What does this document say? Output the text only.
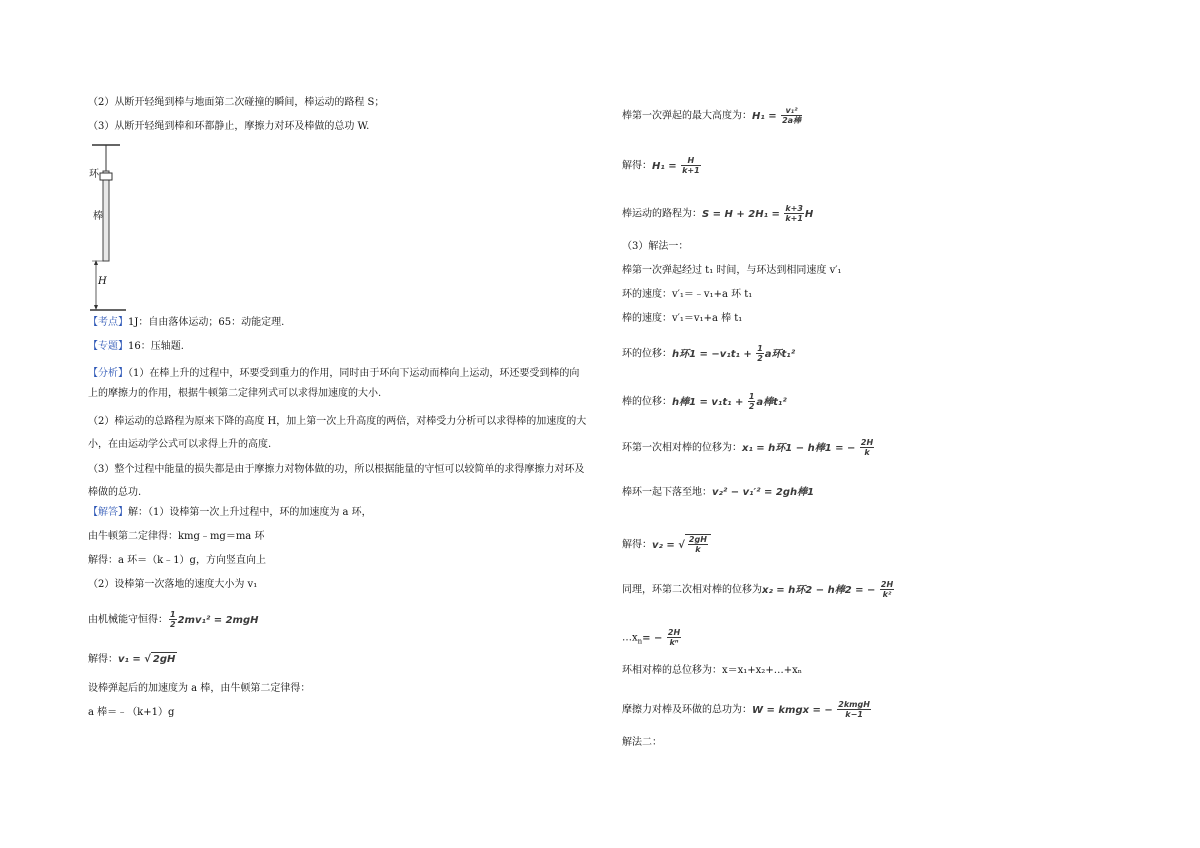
（2）从断开轻绳到棒与地面第二次碰撞的瞬间，棒运动的路程 S；
（3）从断开轻绳到棒和环都静止，摩擦力对环及棒做的总功 W.
【考点】1J：自由落体运动；65：动能定理.
【专题】16：压轴题.
【分析】（1）在棒上升的过程中，环要受到重力的作用，同时由于环向下运动而棒向上运动，环还要受到棒的向上的摩擦力的作用，根据牛顿第二定律列式可以求得加速度的大小.
（2）棒运动的总路程为原来下降的高度 H，加上第一次上升高度的两倍，对棒受力分析可以求得棒的加速度的大小，在由运动学公式可以求得上升的高度.
（3）整个过程中能量的损失都是由于摩擦力对物体做的功，所以根据能量的守恒可以较简单的求得摩擦力对环及棒做的总功.
【解答】解：（1）设棒第一次上升过程中，环的加速度为 a 环，
由牛顿第二定律得：kmg﹣mg＝ma 环
解得：a 环＝（k﹣1）g，方向竖直向上
（2）设棒第一次落地的速度大小为 v₁
由机械能守恒得： $\frac{1}{2} 2mv_1^2 = 2mgH$
解得：v₁ = √ 2gH
设棒弹起后的加速度为 a 棒，由牛顿第二定律得：
a 棒＝﹣（k+1）g
环
棒
H
棒第一次弹起的最大高度为：$H_1 = \frac{\text{v₁²}}{\text{2a棒}}$
解得：$H_1 = \frac{H}{k+1}$
棒运动的路程为：$S = H + 2H_1 = \frac{k+3}{k+1}$ H
（3）解法一：
棒第一次弹起经过 t₁ 时间，与环达到相同速度 v′₁
环的速度：v′₁＝﹣v₁+a 环 t₁
棒的速度：v′₁＝v₁+a 棒 t₁
环的位移：h环$1 = -v_1t_1 + \frac{1}{2}$ a环t₁²
棒的位移：h棒$1 = v_1t_1 + \frac{1}{2}$ a棒t₁²
环第一次相对棒的位移为：x₁ = h环1 − h棒1 = − $\frac{2H}{k}$
棒环一起下落至地：v₂² − v₁′² = 2gh棒1
解得：v₂ = √ $\frac{2gH}{k}$
同理，环第二次相对棒的位移为x₂ = h环2 − h棒2 = − $\frac{2H}{\text{k²}}$
$\dots x_n= - \frac{2H}{\text{kⁿ}}$
环相对棒的总位移为：x＝x₁+x₂+…+xₙ
摩擦力对棒及环做的总功为：W = kmgx = − $\frac{\text{2kmgH}}{k-1}$
解法二：
